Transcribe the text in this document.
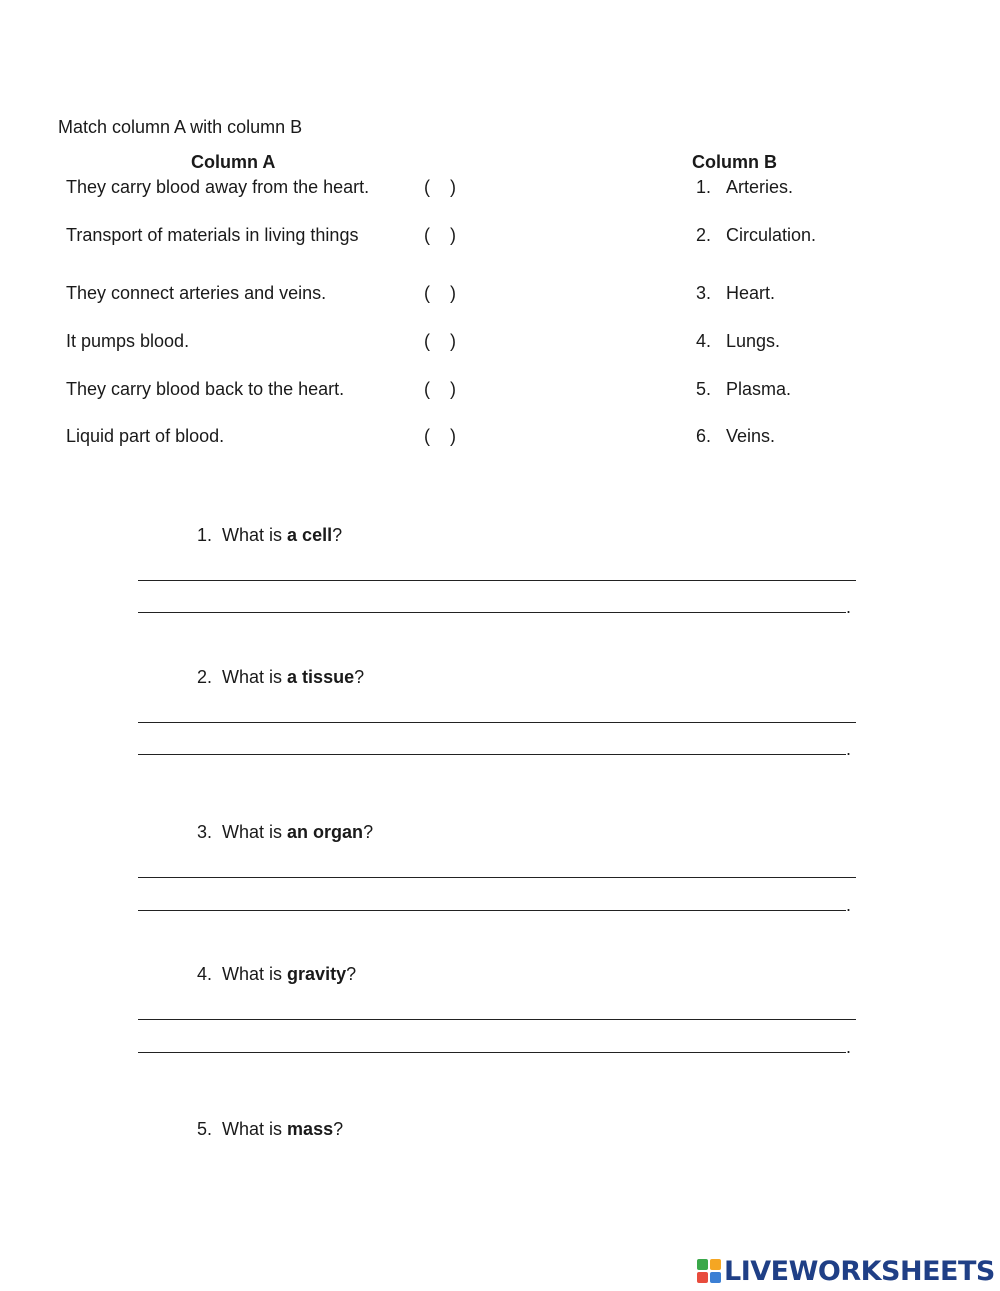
Match column A with column B
Column A	Column B
They carry blood away from the heart.	(    )	1. Arteries.
Transport of materials in living things	(    )	2. Circulation.
They connect arteries and veins.	(    )	3. Heart.
It pumps blood.	(    )	4. Lungs.
They carry blood back to the heart.	(    )	5. Plasma.
Liquid part of blood.	(    )	6. Veins.
1. What is a cell?
.
2. What is a tissue?
.
3. What is an organ?
.
4. What is gravity?
.
5. What is mass?
LIVEWORKSHEETS
